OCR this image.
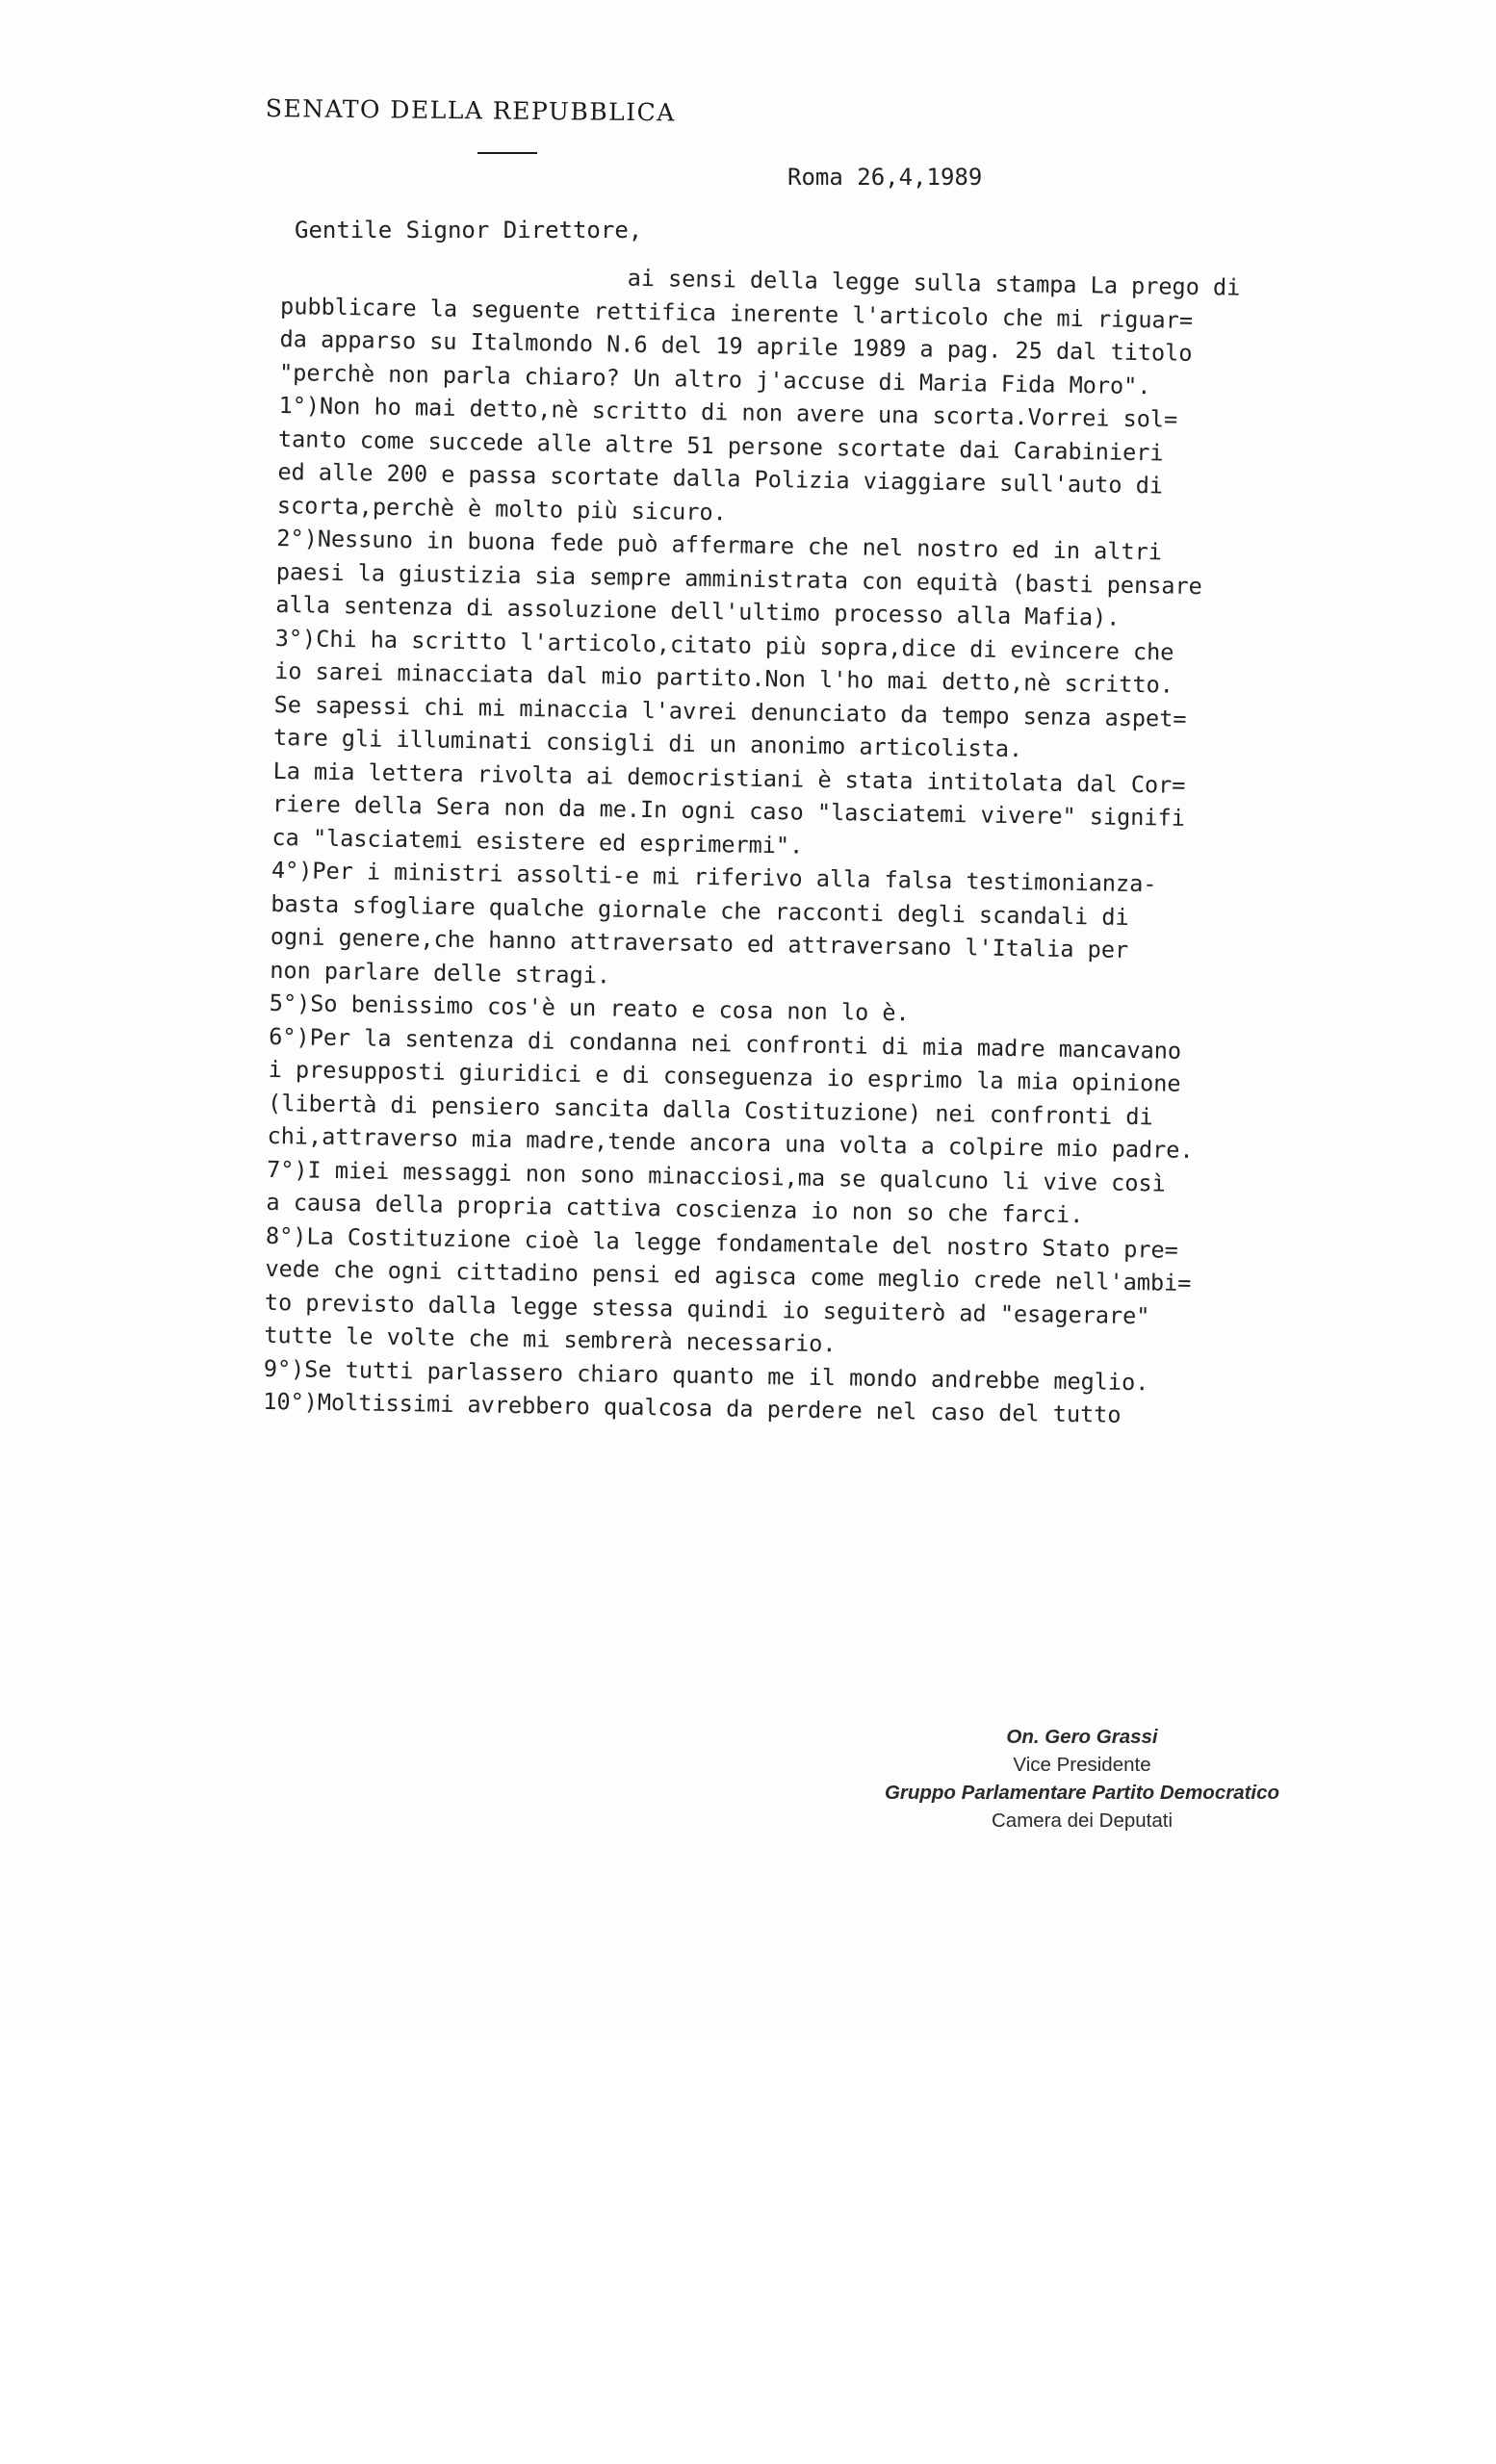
SENATO DELLA REPUBBLICA
Roma 26,4,1989
Gentile Signor Direttore,
ai sensi della legge sulla stampa La prego di
pubblicare la seguente rettifica inerente l'articolo che mi riguar=
da apparso su Italmondo N.6 del 19 aprile 1989 a pag. 25 dal titolo
"perchè non parla chiaro? Un altro j'accuse di Maria Fida Moro".
1°)Non ho mai detto,nè scritto di non avere una scorta.Vorrei sol=
tanto come succede alle altre 51 persone scortate dai Carabinieri
ed alle 200 e passa scortate dalla Polizia viaggiare sull'auto di
scorta,perchè è molto più sicuro.
2°)Nessuno in buona fede può affermare che nel nostro ed in altri
paesi la giustizia sia sempre amministrata con equità (basti pensare
alla sentenza di assoluzione dell'ultimo processo alla Mafia).
3°)Chi ha scritto l'articolo,citato più sopra,dice di evincere che
io sarei minacciata dal mio partito.Non l'ho mai detto,nè scritto.
Se sapessi chi mi minaccia l'avrei denunciato da tempo senza aspet=
tare gli illuminati consigli di un anonimo articolista.
La mia lettera rivolta ai democristiani è stata intitolata dal Cor=
riere della Sera non da me.In ogni caso "lasciatemi vivere" signifi
ca "lasciatemi esistere ed esprimermi".
4°)Per i ministri assolti-e mi riferivo alla falsa testimonianza-
basta sfogliare qualche giornale che racconti degli scandali di
ogni genere,che hanno attraversato ed attraversano l'Italia per
non parlare delle stragi.
5°)So benissimo cos'è un reato e cosa non lo è.
6°)Per la sentenza di condanna nei confronti di mia madre mancavano
i presupposti giuridici e di conseguenza io esprimo la mia opinione
(libertà di pensiero sancita dalla Costituzione) nei confronti di
chi,attraverso mia madre,tende ancora una volta a colpire mio padre.
7°)I miei messaggi non sono minacciosi,ma se qualcuno li vive così
a causa della propria cattiva coscienza io non so che farci.
8°)La Costituzione cioè la legge fondamentale del nostro Stato pre=
vede che ogni cittadino pensi ed agisca come meglio crede nell'ambi=
to previsto dalla legge stessa quindi io seguiterò ad "esagerare"
tutte le volte che mi sembrerà necessario.
9°)Se tutti parlassero chiaro quanto me il mondo andrebbe meglio.
10°)Moltissimi avrebbero qualcosa da perdere nel caso del tutto
On. Gero Grassi
Vice Presidente
Gruppo Parlamentare Partito Democratico
Camera dei Deputati
